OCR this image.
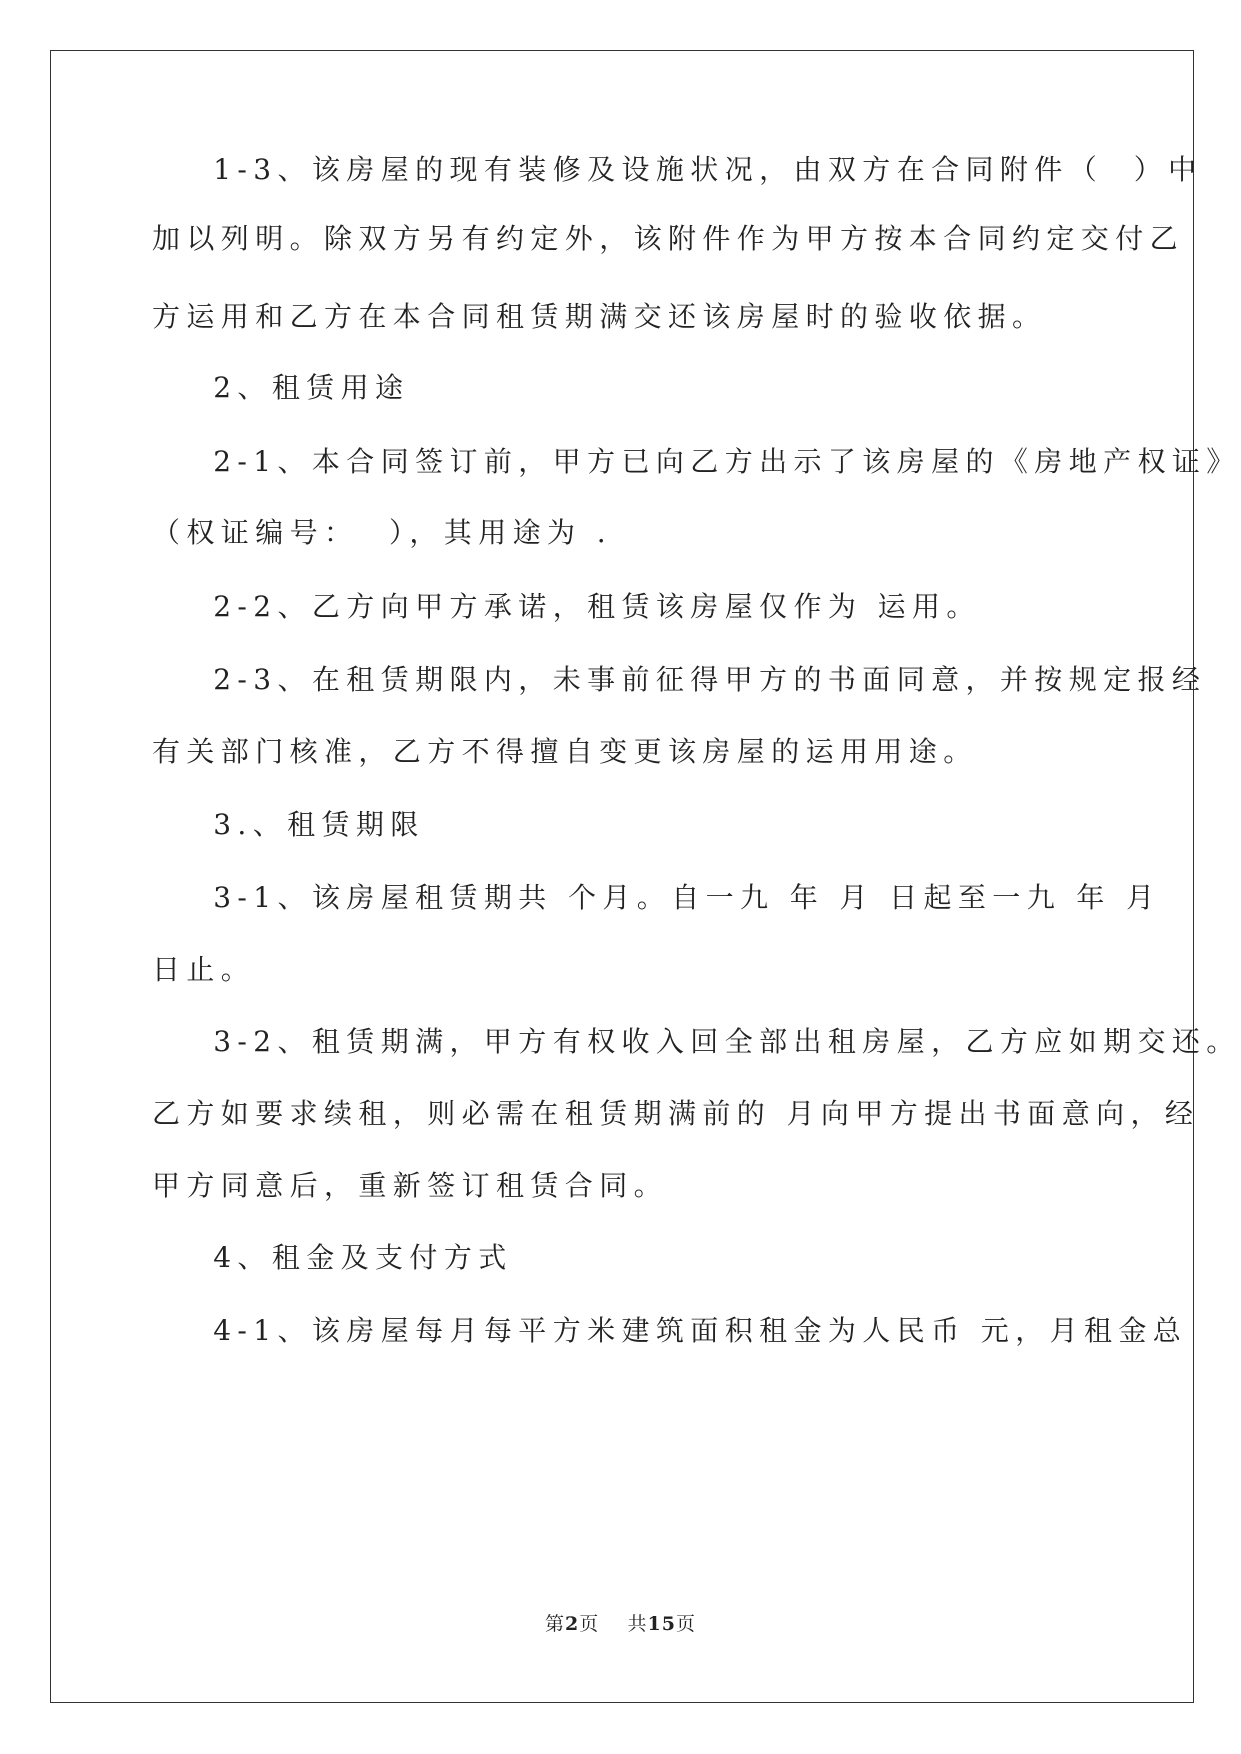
1-3、该房屋的现有装修及设施状况，由双方在合同附件（  ）中
加以列明。除双方另有约定外，该附件作为甲方按本合同约定交付乙
方运用和乙方在本合同租赁期满交还该房屋时的验收依据。
2、租赁用途
2-1、本合同签订前，甲方已向乙方出示了该房屋的《房地产权证》
（权证编号：  ），其用途为 .
2-2、乙方向甲方承诺，租赁该房屋仅作为 运用。
2-3、在租赁期限内，未事前征得甲方的书面同意，并按规定报经
有关部门核准，乙方不得擅自变更该房屋的运用用途。
3.、租赁期限
3-1、该房屋租赁期共 个月。自一九 年 月 日起至一九 年 月
日止。
3-2、租赁期满，甲方有权收入回全部出租房屋，乙方应如期交还。
乙方如要求续租，则必需在租赁期满前的 月向甲方提出书面意向，经
甲方同意后，重新签订租赁合同。
4、租金及支付方式
4-1、该房屋每月每平方米建筑面积租金为人民币 元，月租金总
第2页 共15页
